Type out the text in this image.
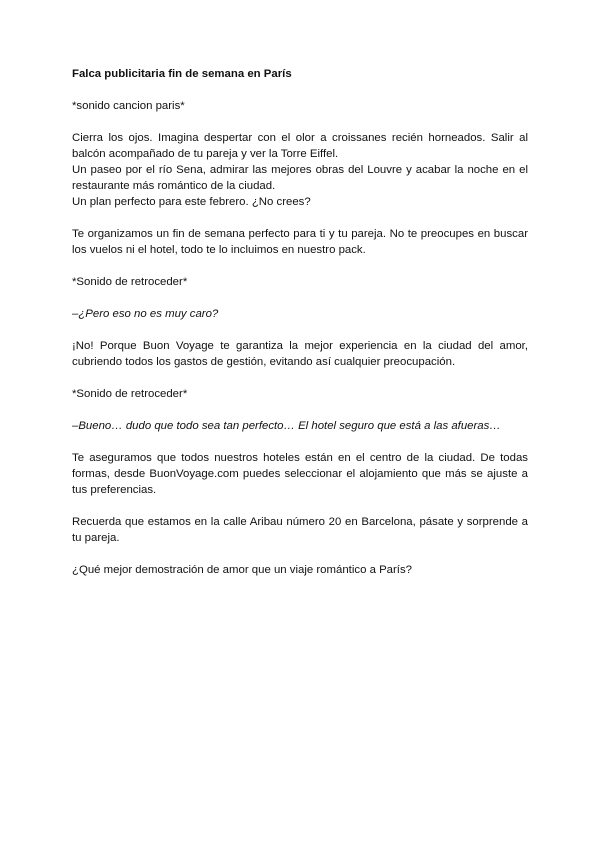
Falca publicitaria fin de semana en París

*sonido cancion paris*

Cierra los ojos. Imagina despertar con el olor a croissanes recién horneados. Salir al balcón acompañado de tu pareja y ver la Torre Eiffel.
Un paseo por el río Sena, admirar las mejores obras del Louvre y acabar la noche en el restaurante más romántico de la ciudad.
Un plan perfecto para este febrero. ¿No crees?

Te organizamos un fin de semana perfecto para ti y tu pareja. No te preocupes en buscar los vuelos ni el hotel, todo te lo incluimos en nuestro pack.

*Sonido de retroceder*

–¿Pero eso no es muy caro?

¡No! Porque Buon Voyage te garantiza la mejor experiencia en la ciudad del amor, cubriendo todos los gastos de gestión, evitando así cualquier preocupación.

*Sonido de retroceder*

–Bueno… dudo que todo sea tan perfecto… El hotel seguro que está a las afueras…

Te aseguramos que todos nuestros hoteles están en el centro de la ciudad. De todas formas, desde BuonVoyage.com puedes seleccionar el alojamiento que más se ajuste a tus preferencias.

Recuerda que estamos en la calle Aribau número 20 en Barcelona, pásate y sorprende a tu pareja.

¿Qué mejor demostración de amor que un viaje romántico a París?
